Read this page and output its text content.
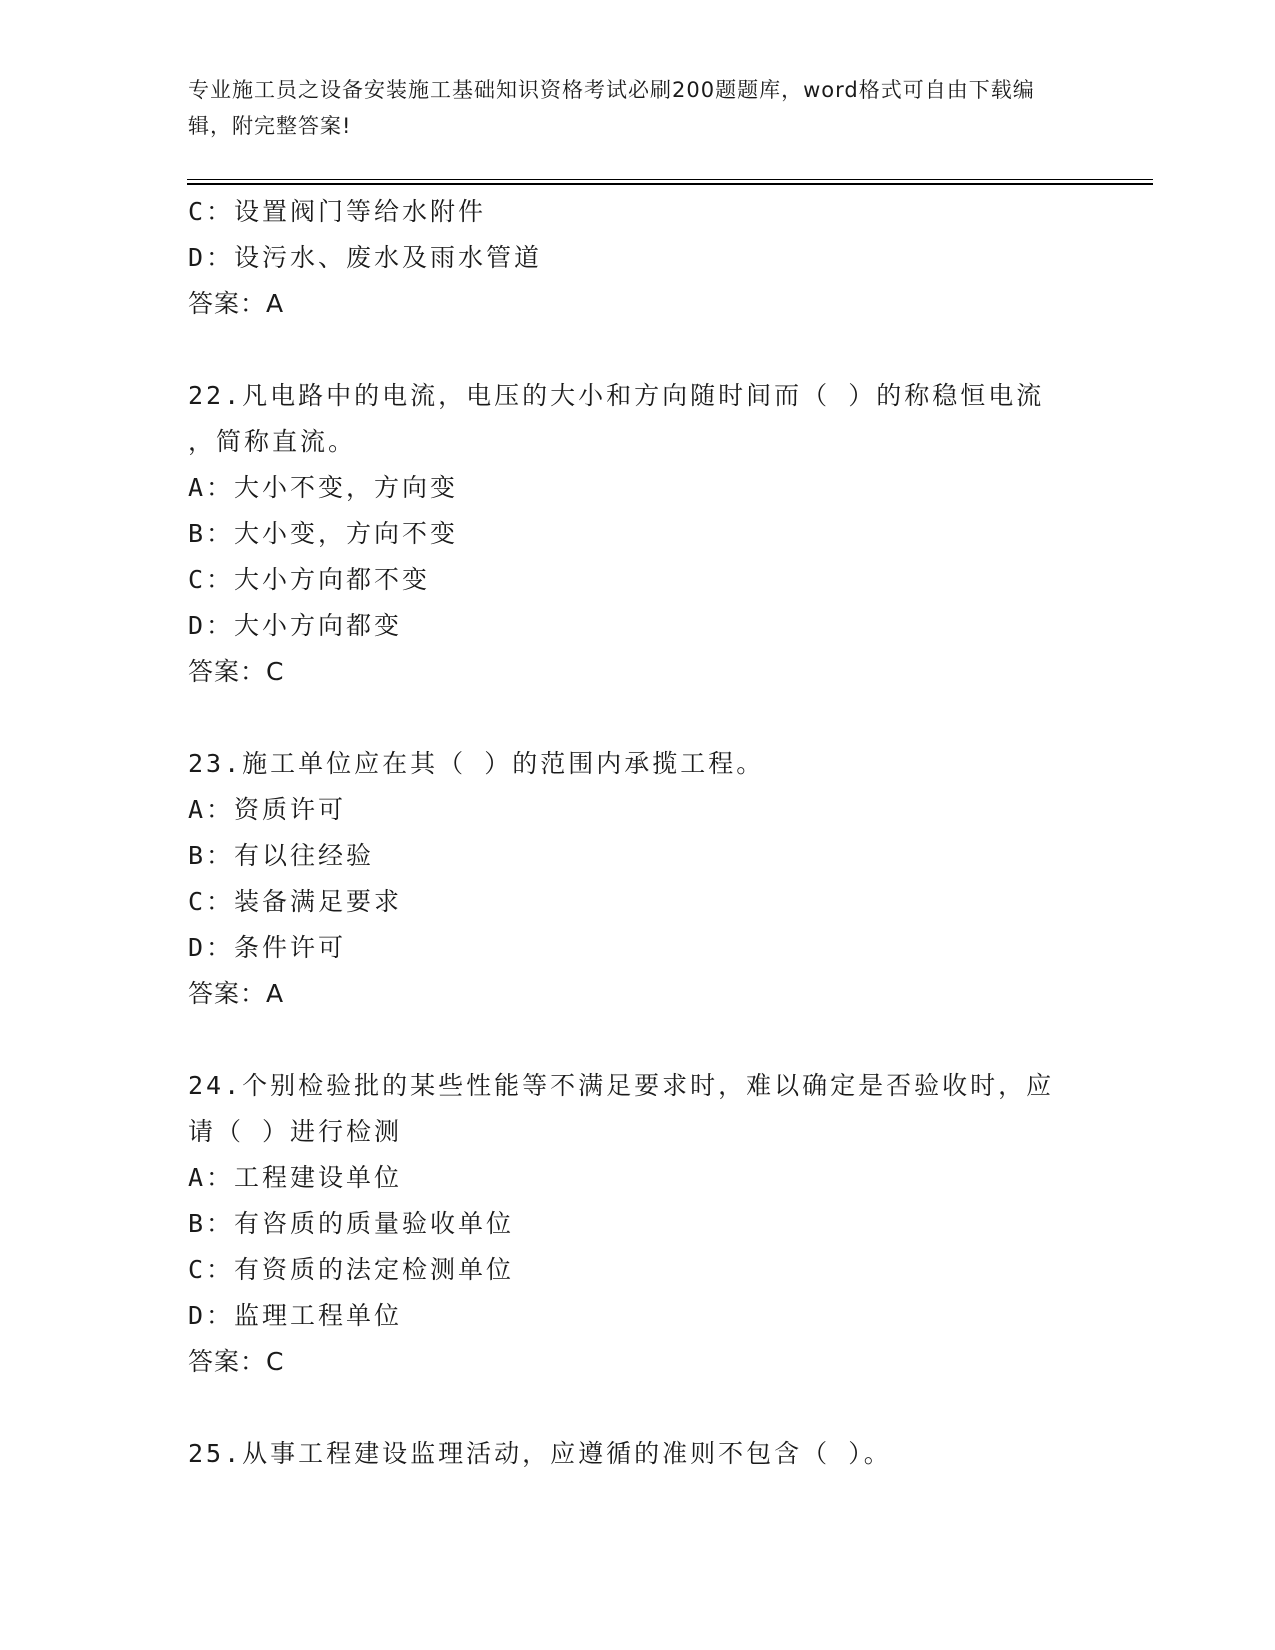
专业施工员之设备安装施工基础知识资格考试必刷200题题库，word格式可自由下载编辑，附完整答案!
C：设置阀门等给水附件
D：设污水、废水及雨水管道
答案：A
22.凡电路中的电流，电压的大小和方向随时间而（ ）的称稳恒电流
，简称直流。
A：大小不变，方向变
B：大小变，方向不变
C：大小方向都不变
D：大小方向都变
答案：C
23.施工单位应在其（ ）的范围内承揽工程。
A：资质许可
B：有以往经验
C：装备满足要求
D：条件许可
答案：A
24.个别检验批的某些性能等不满足要求时，难以确定是否验收时，应
请（ ）进行检测
A：工程建设单位
B：有咨质的质量验收单位
C：有资质的法定检测单位
D：监理工程单位
答案：C
25.从事工程建设监理活动，应遵循的准则不包含（ ）。
